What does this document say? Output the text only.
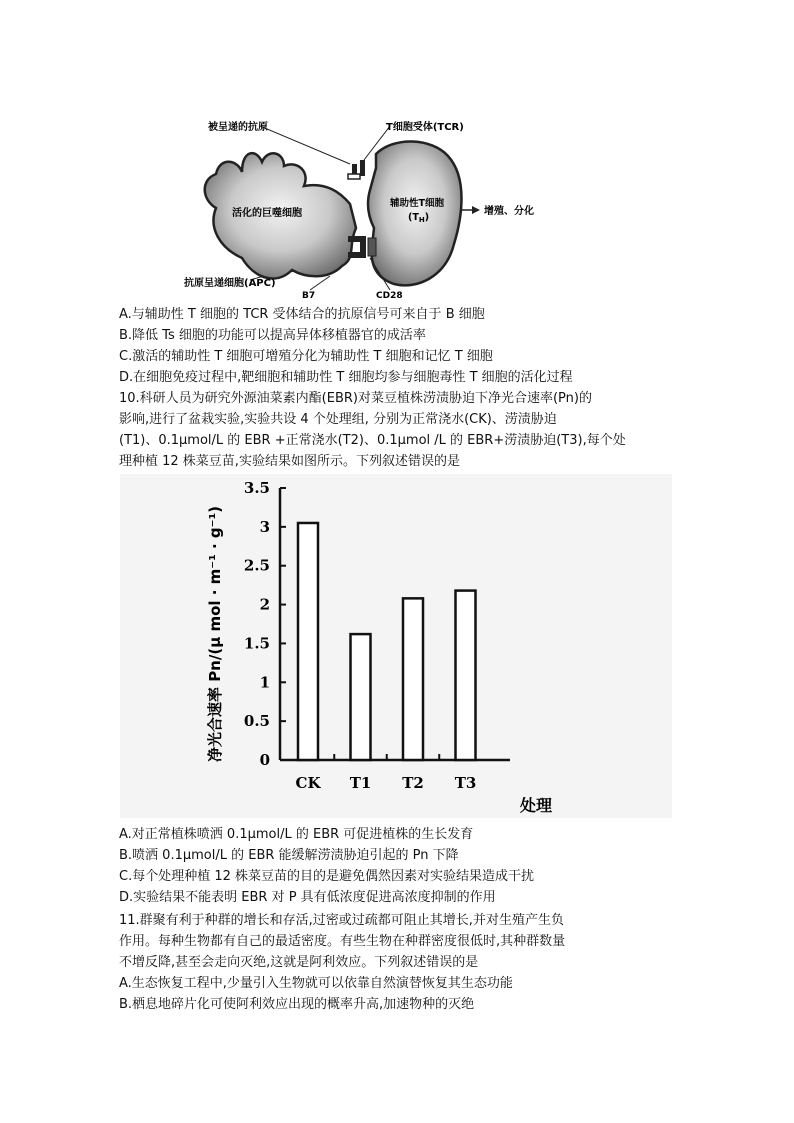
被呈递的抗原	T细胞受体(TCR)
活化的巨噬细胞
辅助性T细胞
$(T_H)$
增殖、分化
抗原呈递细胞(APC)
B7	CD28
A.与辅助性 T 细胞的 TCR 受体结合的抗原信号可来自于 B 细胞
B.降低 Ts 细胞的功能可以提高异体移植器官的成活率
C.激活的辅助性 T 细胞可增殖分化为辅助性 T 细胞和记忆 T 细胞
D.在细胞免疫过程中,靶细胞和辅助性 T 细胞均参与细胞毒性 T 细胞的活化过程
10.科研人员为研究外源油菜素内酯(EBR)对菜豆植株涝渍胁迫下净光合速率(Pn)的
影响,进行了盆栽实验,实验共设 4 个处理组, 分别为正常浇水(CK)、涝渍胁迫
(T1)、0.1μmol/L 的 EBR +正常浇水(T2)、0.1μmol /L 的 EBR+涝渍胁迫(T3),每个处
理种植 12 株菜豆苗,实验结果如图所示。下列叙述错误的是
0
0.5
1
1.5
2
2.5
3
3.5
CK T1 T2 T3
净光合速率 Pn/(μ mol · m⁻¹ · g⁻¹)
处理
A.对正常植株喷洒 0.1μmol/L 的 EBR 可促进植株的生长发育
B.喷洒 0.1μmol/L 的 EBR 能缓解涝渍胁迫引起的 Pn 下降
C.每个处理种植 12 株菜豆苗的目的是避免偶然因素对实验结果造成干扰
D.实验结果不能表明 EBR 对 P 具有低浓度促进高浓度抑制的作用
11.群聚有利于种群的增长和存活,过密或过疏都可阻止其增长,并对生殖产生负
作用。每种生物都有自己的最适密度。有些生物在种群密度很低时,其种群数量
不增反降,甚至会走向灭绝,这就是阿利效应。下列叙述错误的是
A.生态恢复工程中,少量引入生物就可以依靠自然演替恢复其生态功能
B.栖息地碎片化可使阿利效应出现的概率升高,加速物种的灭绝
